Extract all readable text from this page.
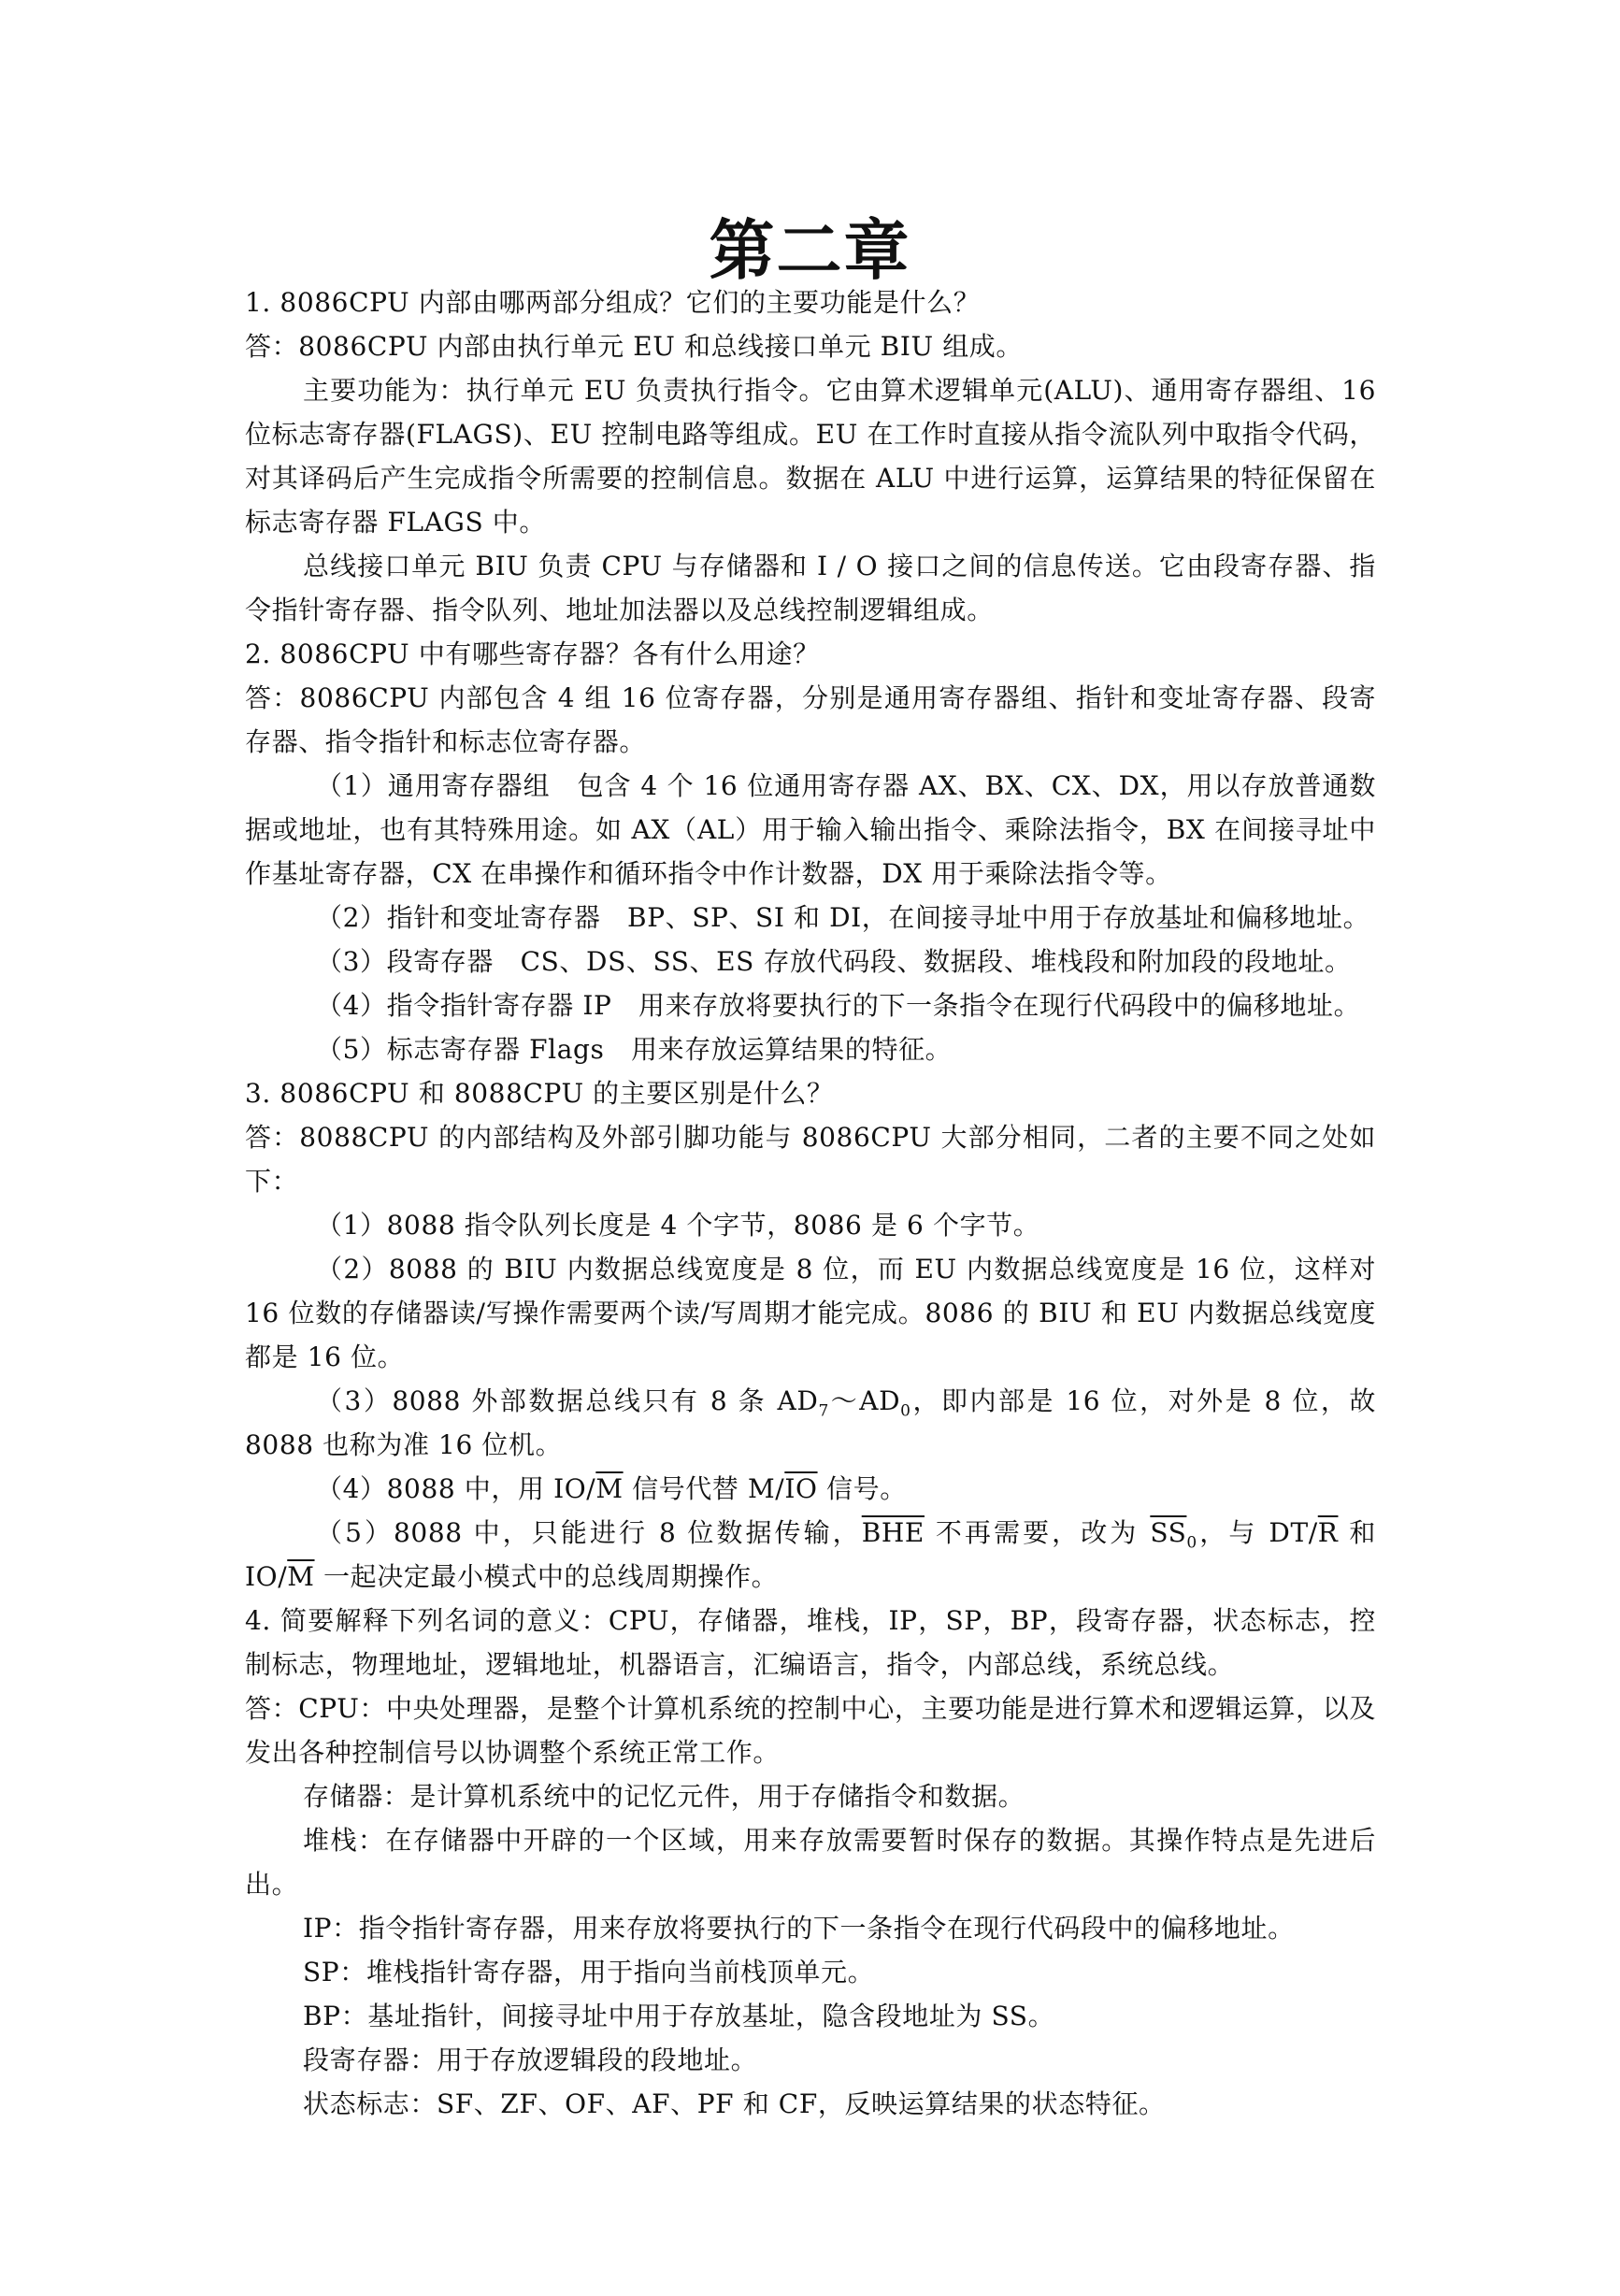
第二章

1. 8086CPU 内部由哪两部分组成？它们的主要功能是什么？

答：8086CPU 内部由执行单元 EU 和总线接口单元 BIU 组成。

主要功能为：执行单元 EU 负责执行指令。它由算术逻辑单元(ALU)、通用寄存器组、16 位标志寄存器(FLAGS)、EU 控制电路等组成。EU 在工作时直接从指令流队列中取指令代码，对其译码后产生完成指令所需要的控制信息。数据在 ALU 中进行运算，运算结果的特征保留在标志寄存器 FLAGS 中。

总线接口单元 BIU 负责 CPU 与存储器和 I / O 接口之间的信息传送。它由段寄存器、指令指针寄存器、指令队列、地址加法器以及总线控制逻辑组成。

2. 8086CPU 中有哪些寄存器？各有什么用途？

答：8086CPU 内部包含 4 组 16 位寄存器，分别是通用寄存器组、指针和变址寄存器、段寄存器、指令指针和标志位寄存器。

（1）通用寄存器组　包含 4 个 16 位通用寄存器 AX、BX、CX、DX，用以存放普通数据或地址，也有其特殊用途。如 AX（AL）用于输入输出指令、乘除法指令，BX 在间接寻址中作基址寄存器，CX 在串操作和循环指令中作计数器，DX 用于乘除法指令等。

（2）指针和变址寄存器　BP、SP、SI 和 DI，在间接寻址中用于存放基址和偏移地址。

（3）段寄存器　CS、DS、SS、ES 存放代码段、数据段、堆栈段和附加段的段地址。

（4）指令指针寄存器 IP　用来存放将要执行的下一条指令在现行代码段中的偏移地址。

（5）标志寄存器 Flags　用来存放运算结果的特征。

3. 8086CPU 和 8088CPU 的主要区别是什么？

答：8088CPU 的内部结构及外部引脚功能与 8086CPU 大部分相同，二者的主要不同之处如下：

（1）8088 指令队列长度是 4 个字节，8086 是 6 个字节。

（2）8088 的 BIU 内数据总线宽度是 8 位，而 EU 内数据总线宽度是 16 位，这样对 16 位数的存储器读/写操作需要两个读/写周期才能完成。8086 的 BIU 和 EU 内数据总线宽度都是 16 位。

（3）8088 外部数据总线只有 8 条 $AD_7\sim AD_0$，即内部是 16 位，对外是 8 位，故 8088 也称为准 16 位机。

（4）8088 中，用 $IO/\overline{M}$ 信号代替 $M/\overline{IO}$ 信号。

（5）8088 中，只能进行 8 位数据传输，$\overline{BHE}$ 不再需要，改为 $\overline{SS}_0$，与 $DT/\overline{R}$ 和 $IO/\overline{M}$ 一起决定最小模式中的总线周期操作。

4. 简要解释下列名词的意义：CPU，存储器，堆栈，IP，SP，BP，段寄存器，状态标志，控制标志，物理地址，逻辑地址，机器语言，汇编语言，指令，内部总线，系统总线。

答：CPU：中央处理器，是整个计算机系统的控制中心，主要功能是进行算术和逻辑运算，以及发出各种控制信号以协调整个系统正常工作。

存储器：是计算机系统中的记忆元件，用于存储指令和数据。

堆栈：在存储器中开辟的一个区域，用来存放需要暂时保存的数据。其操作特点是先进后出。

IP：指令指针寄存器，用来存放将要执行的下一条指令在现行代码段中的偏移地址。

SP：堆栈指针寄存器，用于指向当前栈顶单元。

BP：基址指针，间接寻址中用于存放基址，隐含段地址为 SS。

段寄存器：用于存放逻辑段的段地址。

状态标志：SF、ZF、OF、AF、PF 和 CF，反映运算结果的状态特征。
